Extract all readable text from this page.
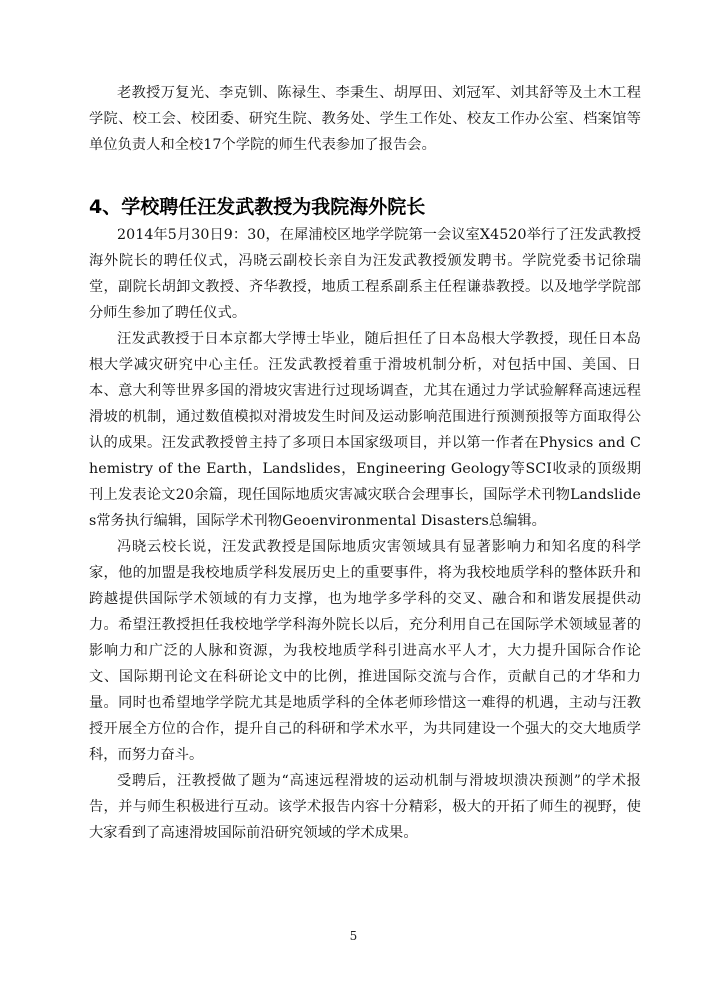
老教授万复光、李克钏、陈禄生、李秉生、胡厚田、刘冠军、刘其舒等及土木工程学院、校工会、校团委、研究生院、教务处、学生工作处、校友工作办公室、档案馆等单位负责人和全校17个学院的师生代表参加了报告会。

4、学校聘任汪发武教授为我院海外院长

2014年5月30日9：30，在犀浦校区地学学院第一会议室X4520举行了汪发武教授海外院长的聘任仪式，冯晓云副校长亲自为汪发武教授颁发聘书。学院党委书记徐瑞堂，副院长胡卸文教授、齐华教授，地质工程系副系主任程谦恭教授。以及地学学院部分师生参加了聘任仪式。

汪发武教授于日本京都大学博士毕业，随后担任了日本岛根大学教授，现任日本岛根大学减灾研究中心主任。汪发武教授着重于滑坡机制分析，对包括中国、美国、日本、意大利等世界多国的滑坡灾害进行过现场调查，尤其在通过力学试验解释高速远程滑坡的机制，通过数值模拟对滑坡发生时间及运动影响范围进行预测预报等方面取得公认的成果。汪发武教授曾主持了多项日本国家级项目，并以第一作者在Physics and Chemistry of the Earth，Landslides，Engineering Geology等SCI收录的顶级期刊上发表论文20余篇，现任国际地质灾害减灾联合会理事长，国际学术刊物Landslides常务执行编辑，国际学术刊物Geoenvironmental Disasters总编辑。

冯晓云校长说，汪发武教授是国际地质灾害领域具有显著影响力和知名度的科学家，他的加盟是我校地质学科发展历史上的重要事件，将为我校地质学科的整体跃升和跨越提供国际学术领域的有力支撑，也为地学多学科的交叉、融合和和谐发展提供动力。希望汪教授担任我校地学学科海外院长以后，充分利用自己在国际学术领域显著的影响力和广泛的人脉和资源，为我校地质学科引进高水平人才，大力提升国际合作论文、国际期刊论文在科研论文中的比例，推进国际交流与合作，贡献自己的才华和力量。同时也希望地学学院尤其是地质学科的全体老师珍惜这一难得的机遇，主动与汪教授开展全方位的合作，提升自己的科研和学术水平，为共同建设一个强大的交大地质学科，而努力奋斗。

受聘后，汪教授做了题为“高速远程滑坡的运动机制与滑坡坝溃决预测”的学术报告，并与师生积极进行互动。该学术报告内容十分精彩，极大的开拓了师生的视野，使大家看到了高速滑坡国际前沿研究领域的学术成果。

5
